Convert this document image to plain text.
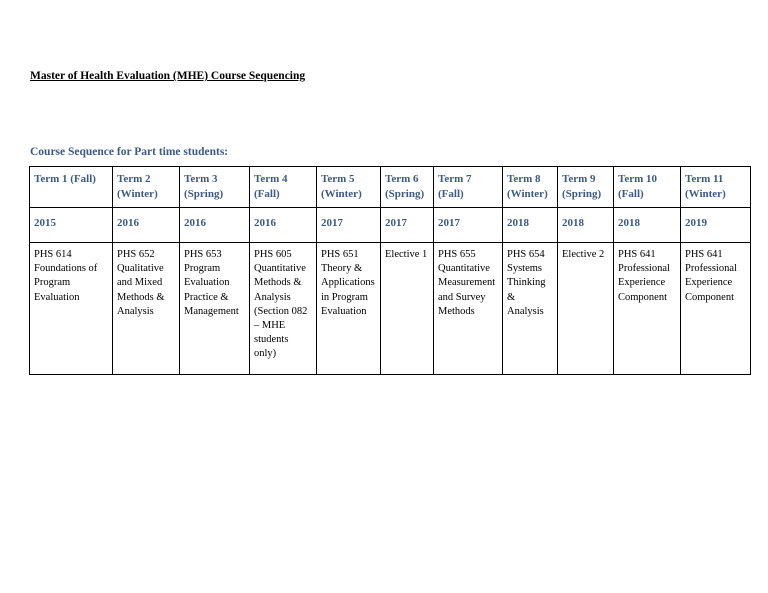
Master of Health Evaluation (MHE) Course Sequencing
Course Sequence for Part time students:
Term 1 (Fall)	Term 2 (Winter)	Term 3 (Spring)	Term 4 (Fall)	Term 5 (Winter)	Term 6 (Spring)	Term 7 (Fall)	Term 8 (Winter)	Term 9 (Spring)	Term 10 (Fall)	Term 11 (Winter)
2015	2016	2016	2016	2017	2017	2017	2018	2018	2018	2019
PHS 614 Foundations of Program Evaluation	PHS 652 Qualitative and Mixed Methods & Analysis	PHS 653 Program Evaluation Practice & Management	PHS 605 Quantitative Methods & Analysis (Section 082 – MHE students only)	PHS 651 Theory & Applications in Program Evaluation	Elective 1	PHS 655 Quantitative Measurement and Survey Methods	PHS 654 Systems Thinking & Analysis	Elective 2	PHS 641 Professional Experience Component	PHS 641 Professional Experience Component
